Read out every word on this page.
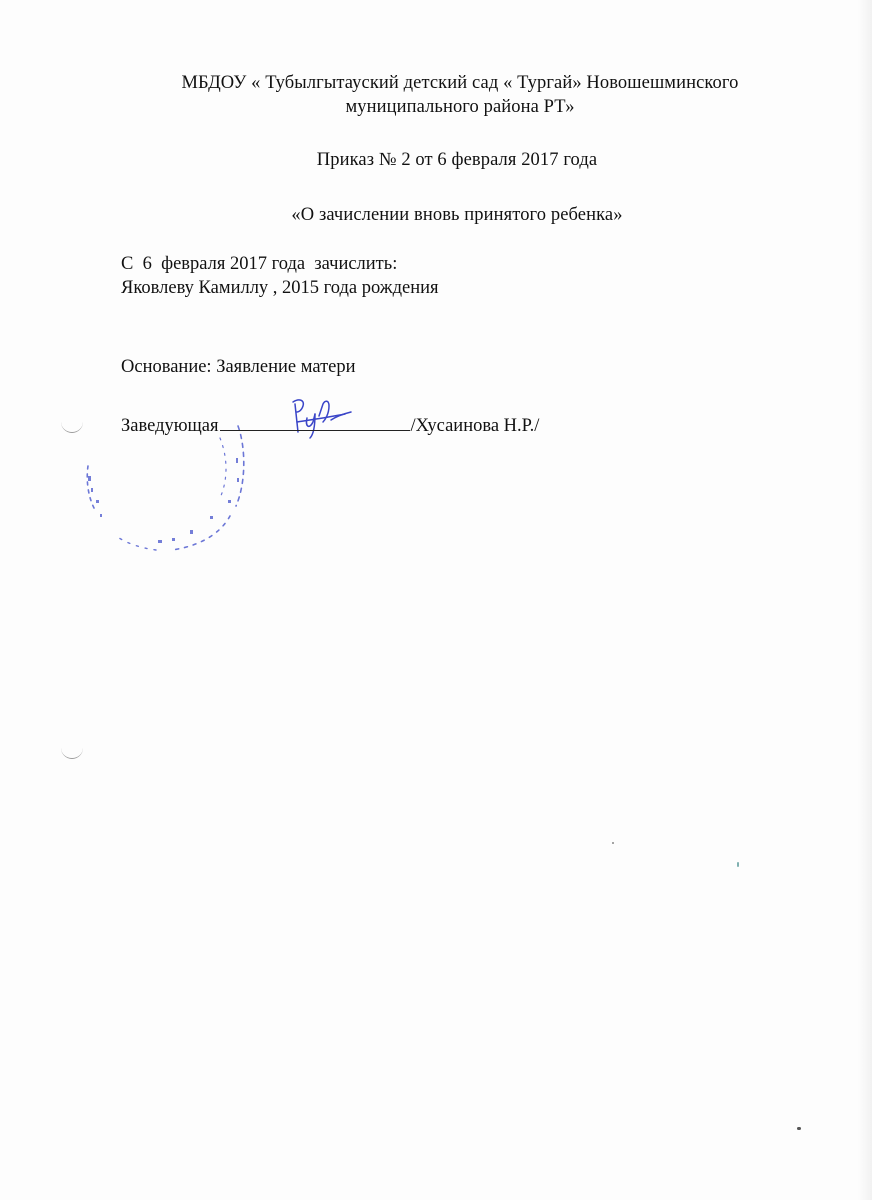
МБДОУ « Тубылгытауский детский сад « Тургай» Новошешминского
муниципального района РТ»
Приказ № 2 от 6 февраля 2017 года
«О зачислении вновь принятого ребенка»
С  6  февраля 2017 года  зачислить:
Яковлеву Камиллу , 2015 года рождения
Основание: Заявление матери
Заведующая	/Хусаинова Н.Р./
